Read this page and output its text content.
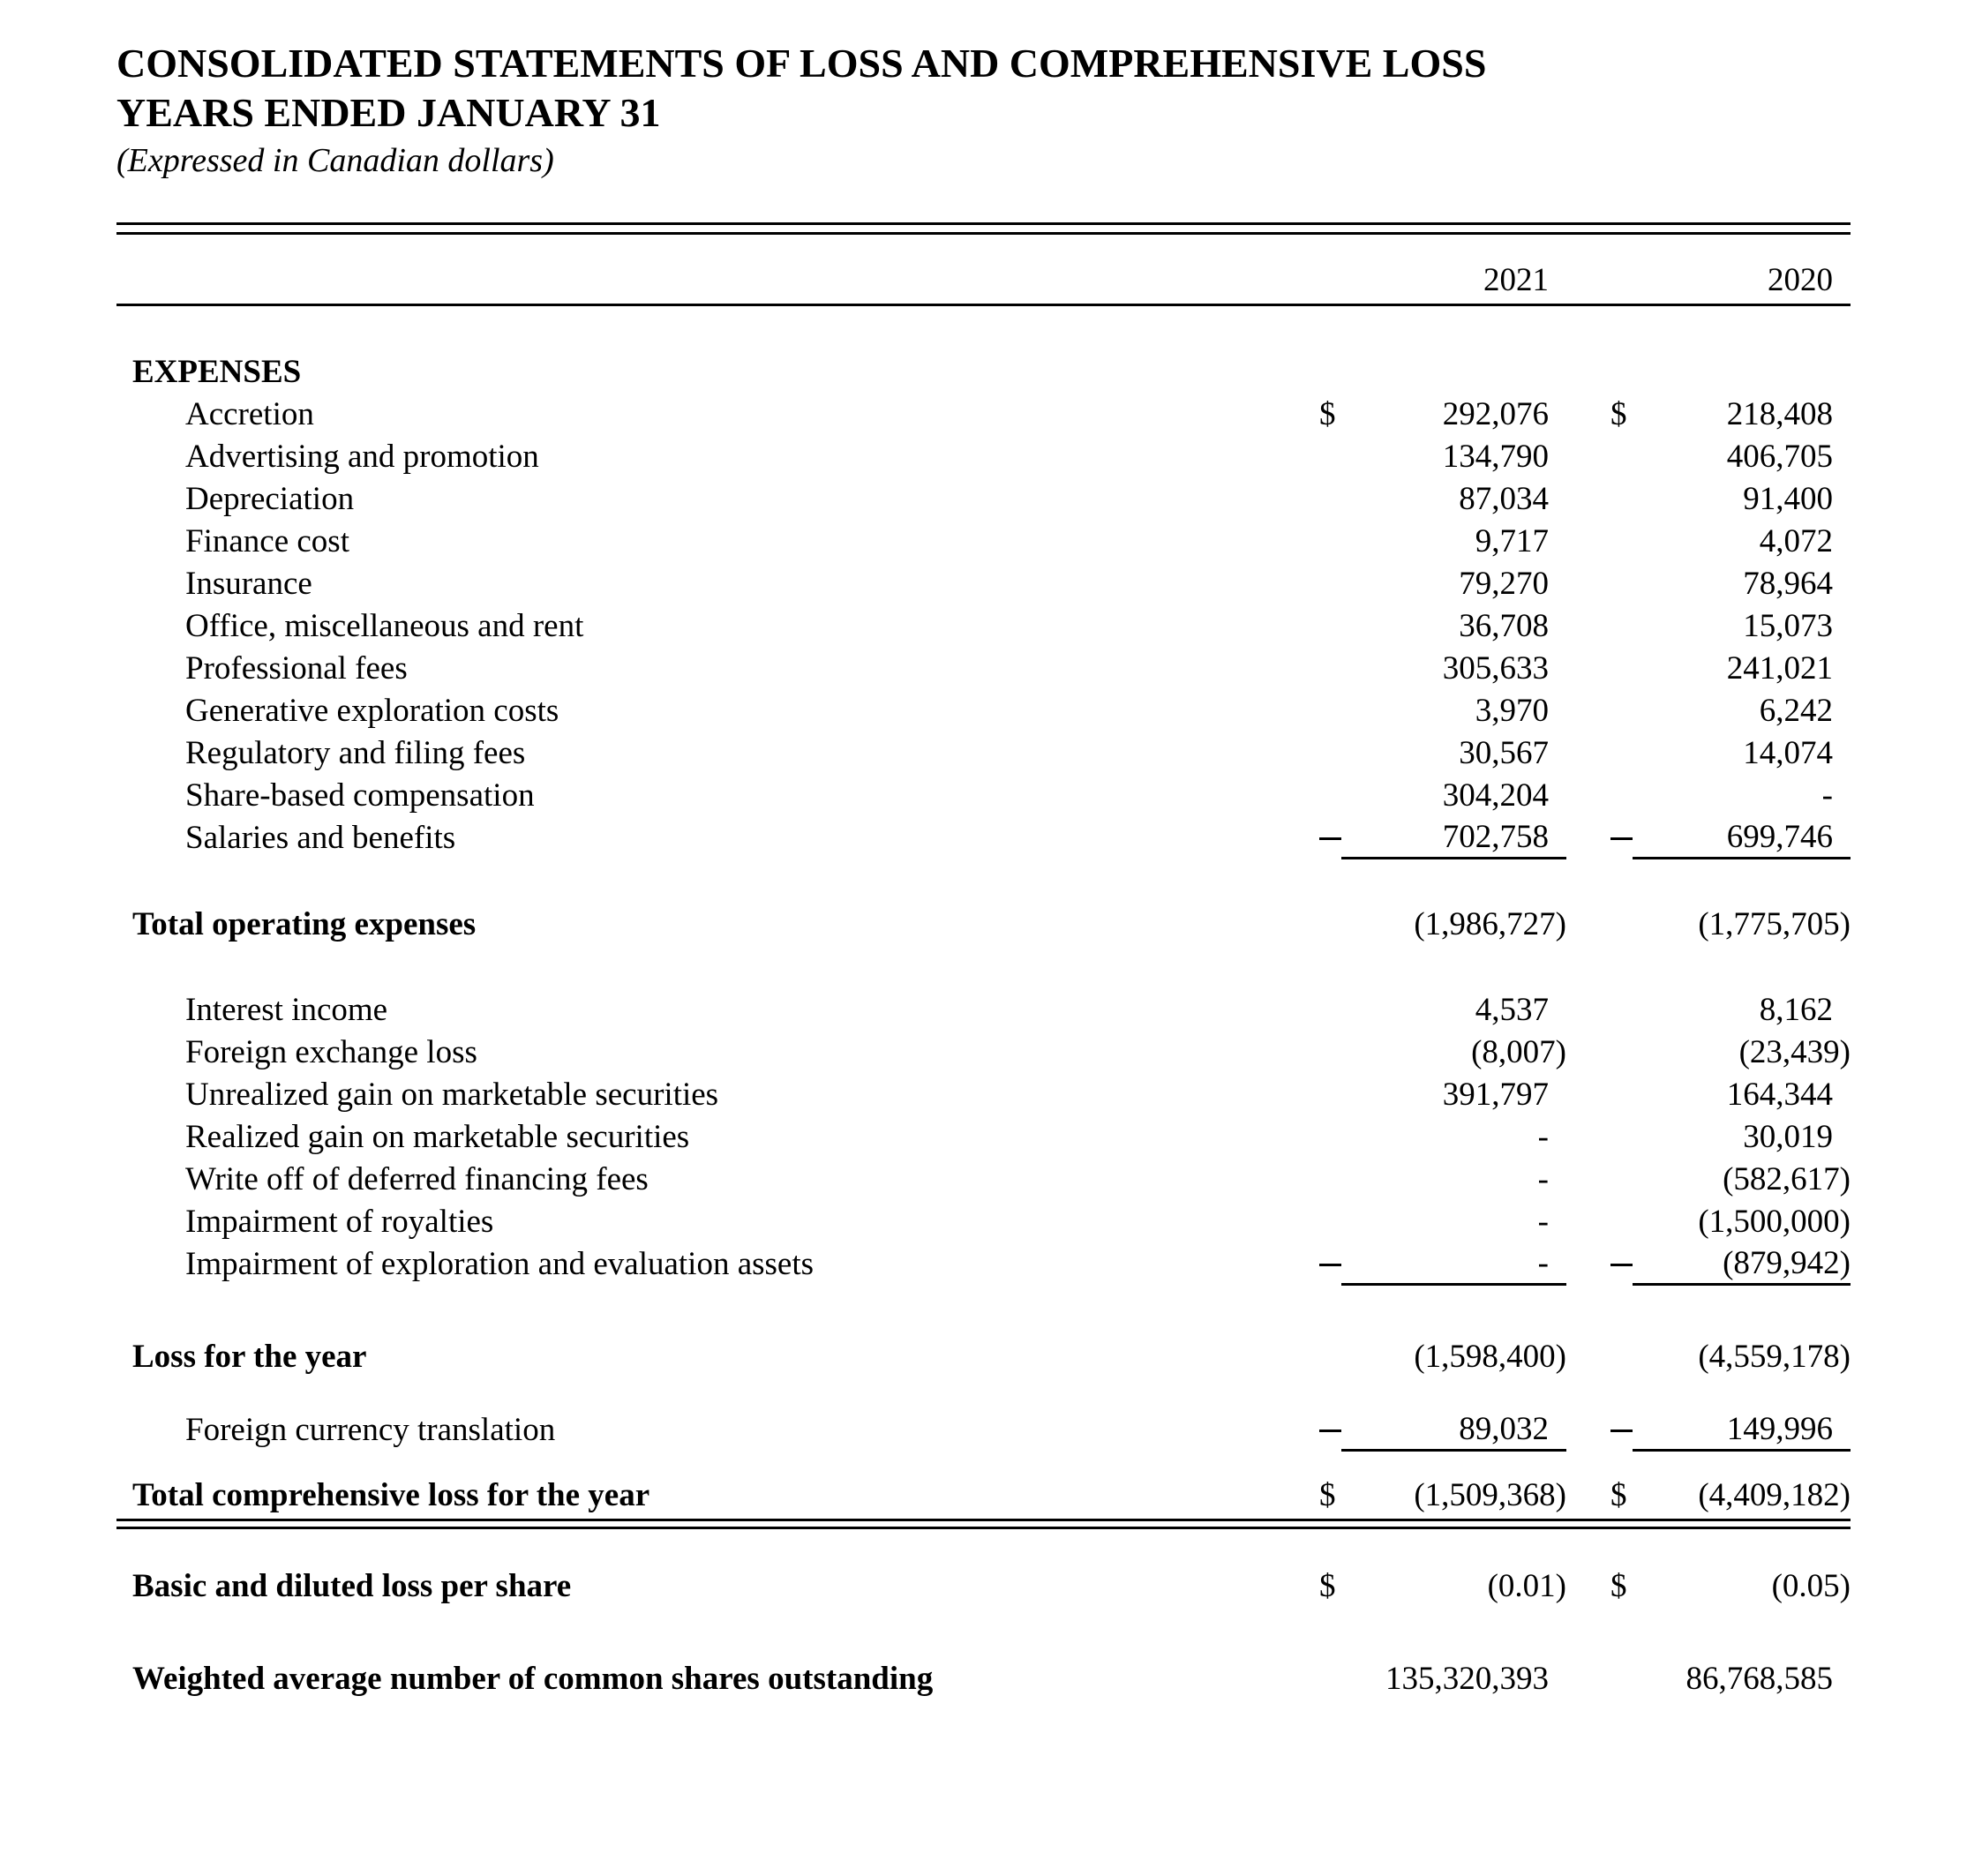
CONSOLIDATED STATEMENTS OF LOSS AND COMPREHENSIVE LOSS
YEARS ENDED JANUARY 31
(Expressed in Canadian dollars)
2021	2020
EXPENSES
Accretion	$	292,076	$	218,408
Advertising and promotion	134,790	406,705
Depreciation	87,034	91,400
Finance cost	9,717	4,072
Insurance	79,270	78,964
Office, miscellaneous and rent	36,708	15,073
Professional fees	305,633	241,021
Generative exploration costs	3,970	6,242
Regulatory and filing fees	30,567	14,074
Share-based compensation	304,204	-
Salaries and benefits	702,758	699,746
Total operating expenses	(1,986,727)	(1,775,705)
Interest income	4,537	8,162
Foreign exchange loss	(8,007)	(23,439)
Unrealized gain on marketable securities	391,797	164,344
Realized gain on marketable securities	-	30,019
Write off of deferred financing fees	-	(582,617)
Impairment of royalties	-	(1,500,000)
Impairment of exploration and evaluation assets	-	(879,942)
Loss for the year	(1,598,400)	(4,559,178)
Foreign currency translation	89,032	149,996
Total comprehensive loss for the year	$	(1,509,368) $	(4,409,182)
Basic and diluted loss per share	$	(0.01) $	(0.05)
Weighted average number of common shares outstanding	135,320,393	86,768,585
